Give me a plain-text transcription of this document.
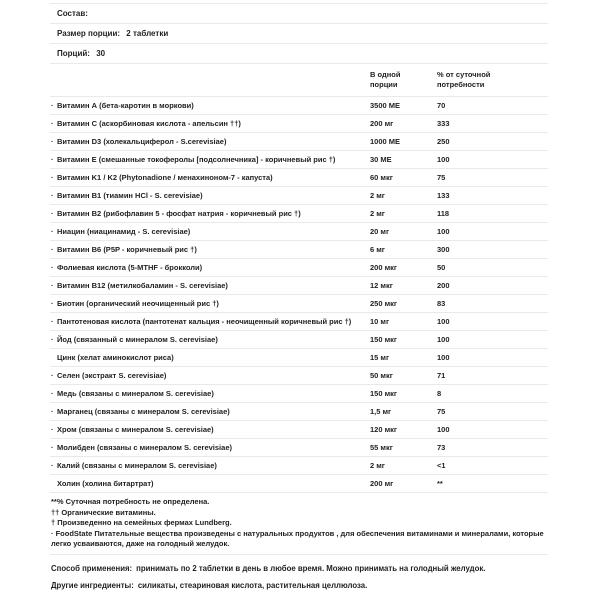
Состав:
Размер порции: 2 таблетки
Порций: 30
В одной порции
% от суточной потребности
· Витамин А (бета-каротин в моркови)	3500 МЕ	70
· Витамин C (аскорбиновая кислота - апельсин ††)	200 мг	333
· Витамин D3 (холекальциферол - S.cerevisiae)	1000 МЕ	250
· Витамин E (смешанные токоферолы [подсолнечника] - коричневый рис †)	30 МЕ	100
· Витамин K1 / K2 (Phytonadione / менахиноном-7 - капуста)	60 мкг	75
· Витамин B1 (тиамин HCl - S. cerevisiae)	2 мг	133
· Витамин B2 (рибофлавин 5 - фосфат натрия - коричневый рис †)	2 мг	118
· Ниацин (ниацинамид - S. cerevisiae)	20 мг	100
· Витамин B6 (P5P - коричневый рис †)	6 мг	300
· Фолиевая кислота (5-MTHF - брокколи)	200 мкг	50
· Витамин B12 (метилкобаламин - S. cerevisiae)	12 мкг	200
· Биотин (органический неочищенный рис †)	250 мкг	83
· Пантотеновая кислота (пантотенат кальция - неочищенный коричневый рис †) 10 мг	100
· Йод (связанный с минералом S. cerevisiae)	150 мкг	100
Цинк (хелат аминокислот риса)	15 мг	100
· Селен (экстракт S. cerevisiae)	50 мкг	71
· Медь (связаны с минералом S. cerevisiae)	150 мкг	8
· Марганец (связаны с минералом S. cerevisiae)	1,5 мг	75
· Хром (связаны с минералом S. cerevisiae)	120 мкг	100
· Молибден (связаны с минералом S. cerevisiae)	55 мкг	73
· Калий (связаны с минералом S. cerevisiae)	2 мг	<1
Холин (холина битартрат)	200 мг	**
**% Суточная потребность не определена.
†† Органические витамины.
† Произведенно на семейных фермах Lundberg.
· FoodState Питательные вещества произведены с натуральных продуктов , для обеспечения витаминами и минералами, которые легко усваиваются, даже на голодный желудок.

Способ применения: принимать по 2 таблетки в день в любое время. Можно принимать на голодный желудок.

Другие ингредиенты: силикаты, стеариновая кислота, растительная целлюлоза.
